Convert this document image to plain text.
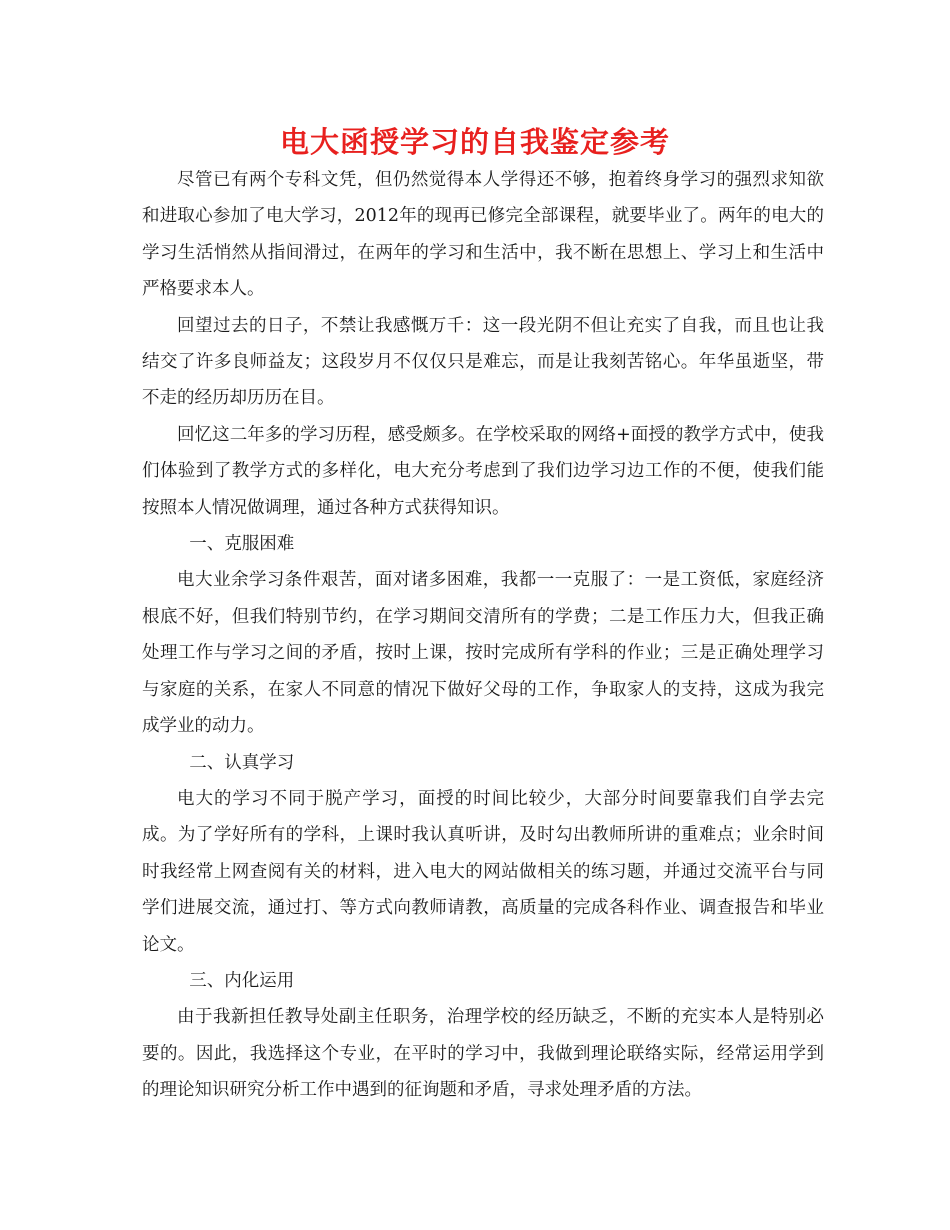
电大函授学习的自我鉴定参考

尽管已有两个专科文凭，但仍然觉得本人学得还不够，抱着终身学习的强烈求知欲和进取心参加了电大学习，2012年的现再已修完全部课程，就要毕业了。两年的电大的学习生活悄然从指间滑过，在两年的学习和生活中，我不断在思想上、学习上和生活中严格要求本人。

回望过去的日子，不禁让我感慨万千：这一段光阴不但让充实了自我，而且也让我结交了许多良师益友；这段岁月不仅仅只是难忘，而是让我刻苦铭心。年华虽逝坚，带不走的经历却历历在目。

回忆这二年多的学习历程，感受颇多。在学校采取的网络+面授的教学方式中，使我们体验到了教学方式的多样化，电大充分考虑到了我们边学习边工作的不便，使我们能按照本人情况做调理，通过各种方式获得知识。

一、克服困难

电大业余学习条件艰苦，面对诸多困难，我都一一克服了：一是工资低，家庭经济根底不好，但我们特别节约，在学习期间交清所有的学费；二是工作压力大，但我正确处理工作与学习之间的矛盾，按时上课，按时完成所有学科的作业；三是正确处理学习与家庭的关系，在家人不同意的情况下做好父母的工作，争取家人的支持，这成为我完成学业的动力。

二、认真学习

电大的学习不同于脱产学习，面授的时间比较少，大部分时间要靠我们自学去完成。为了学好所有的学科，上课时我认真听讲，及时勾出教师所讲的重难点；业余时间时我经常上网查阅有关的材料，进入电大的网站做相关的练习题，并通过交流平台与同学们进展交流，通过打、等方式向教师请教，高质量的完成各科作业、调查报告和毕业论文。

三、内化运用

由于我新担任教导处副主任职务，治理学校的经历缺乏，不断的充实本人是特别必要的。因此，我选择这个专业，在平时的学习中，我做到理论联络实际，经常运用学到的理论知识研究分析工作中遇到的征询题和矛盾，寻求处理矛盾的方法。
